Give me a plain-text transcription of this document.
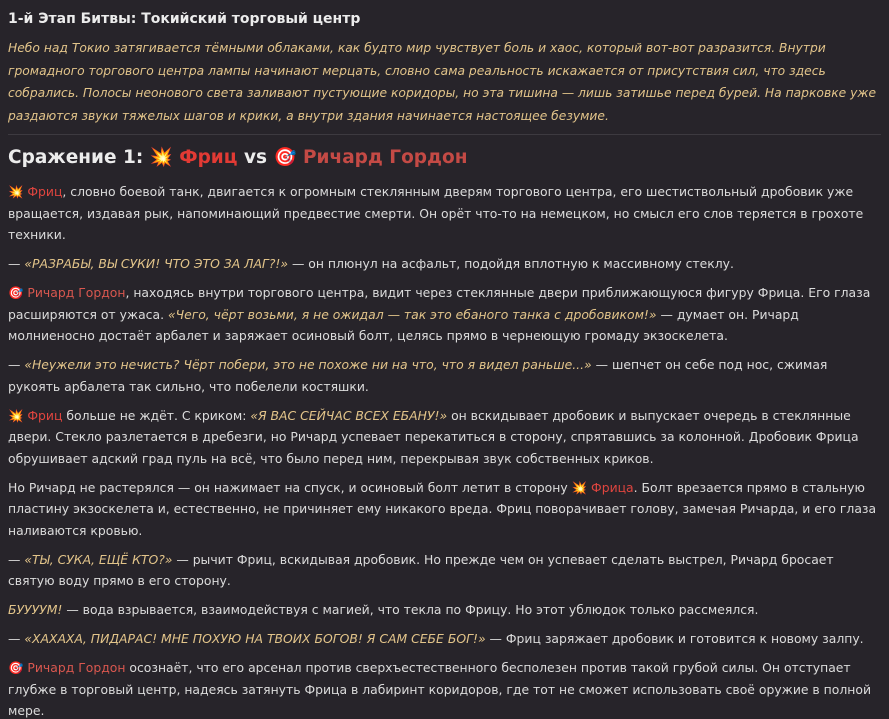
1-й Этап Битвы: Токийский торговый центр

Небо над Токио затягивается тёмными облаками, как будто мир чувствует боль и хаос, который вот-вот разразится. Внутри громадного торгового центра лампы начинают мерцать, словно сама реальность искажается от присутствия сил, что здесь собрались. Полосы неонового света заливают пустующие коридоры, но эта тишина — лишь затишье перед бурей. На парковке уже раздаются звуки тяжелых шагов и крики, а внутри здания начинается настоящее безумие.

Сражение 1: 💥 Фриц vs 🎯 Ричард Гордон

💥 Фриц, словно боевой танк, двигается к огромным стеклянным дверям торгового центра, его шестиствольный дробовик уже вращается, издавая рык, напоминающий предвестие смерти. Он орёт что-то на немецком, но смысл его слов теряется в грохоте техники.

— «РАЗРАБЫ, ВЫ СУКИ! ЧТО ЭТО ЗА ЛАГ?!» — он плюнул на асфальт, подойдя вплотную к массивному стеклу.

🎯 Ричард Гордон, находясь внутри торгового центра, видит через стеклянные двери приближающуюся фигуру Фрица. Его глаза расширяются от ужаса. «Чего, чёрт возьми, я не ожидал — так это ебаного танка с дробовиком!» — думает он. Ричард молниеносно достаёт арбалет и заряжает осиновый болт, целясь прямо в чернеющую громаду экзоскелета.

— «Неужели это нечисть? Чёрт побери, это не похоже ни на что, что я видел раньше...» — шепчет он себе под нос, сжимая рукоять арбалета так сильно, что побелели костяшки.

💥 Фриц больше не ждёт. С криком: «Я ВАС СЕЙЧАС ВСЕХ ЕБАНУ!» он вскидывает дробовик и выпускает очередь в стеклянные двери. Стекло разлетается в дребезги, но Ричард успевает перекатиться в сторону, спрятавшись за колонной. Дробовик Фрица обрушивает адский град пуль на всё, что было перед ним, перекрывая звук собственных криков.

Но Ричард не растерялся — он нажимает на спуск, и осиновый болт летит в сторону 💥 Фрица. Болт врезается прямо в стальную пластину экзоскелета и, естественно, не причиняет ему никакого вреда. Фриц поворачивает голову, замечая Ричарда, и его глаза наливаются кровью.

— «ТЫ, СУКА, ЕЩЁ КТО?» — рычит Фриц, вскидывая дробовик. Но прежде чем он успевает сделать выстрел, Ричард бросает святую воду прямо в его сторону.

БУУУУМ! — вода взрывается, взаимодействуя с магией, что текла по Фрицу. Но этот ублюдок только рассмеялся.

— «ХАХАХА, ПИДАРАС! МНЕ ПОХУЮ НА ТВОИХ БОГОВ! Я САМ СЕБЕ БОГ!» — Фриц заряжает дробовик и готовится к новому залпу.

🎯 Ричард Гордон осознаёт, что его арсенал против сверхъестественного бесполезен против такой грубой силы. Он отступает глубже в торговый центр, надеясь затянуть Фрица в лабиринт коридоров, где тот не сможет использовать своё оружие в полной мере.
